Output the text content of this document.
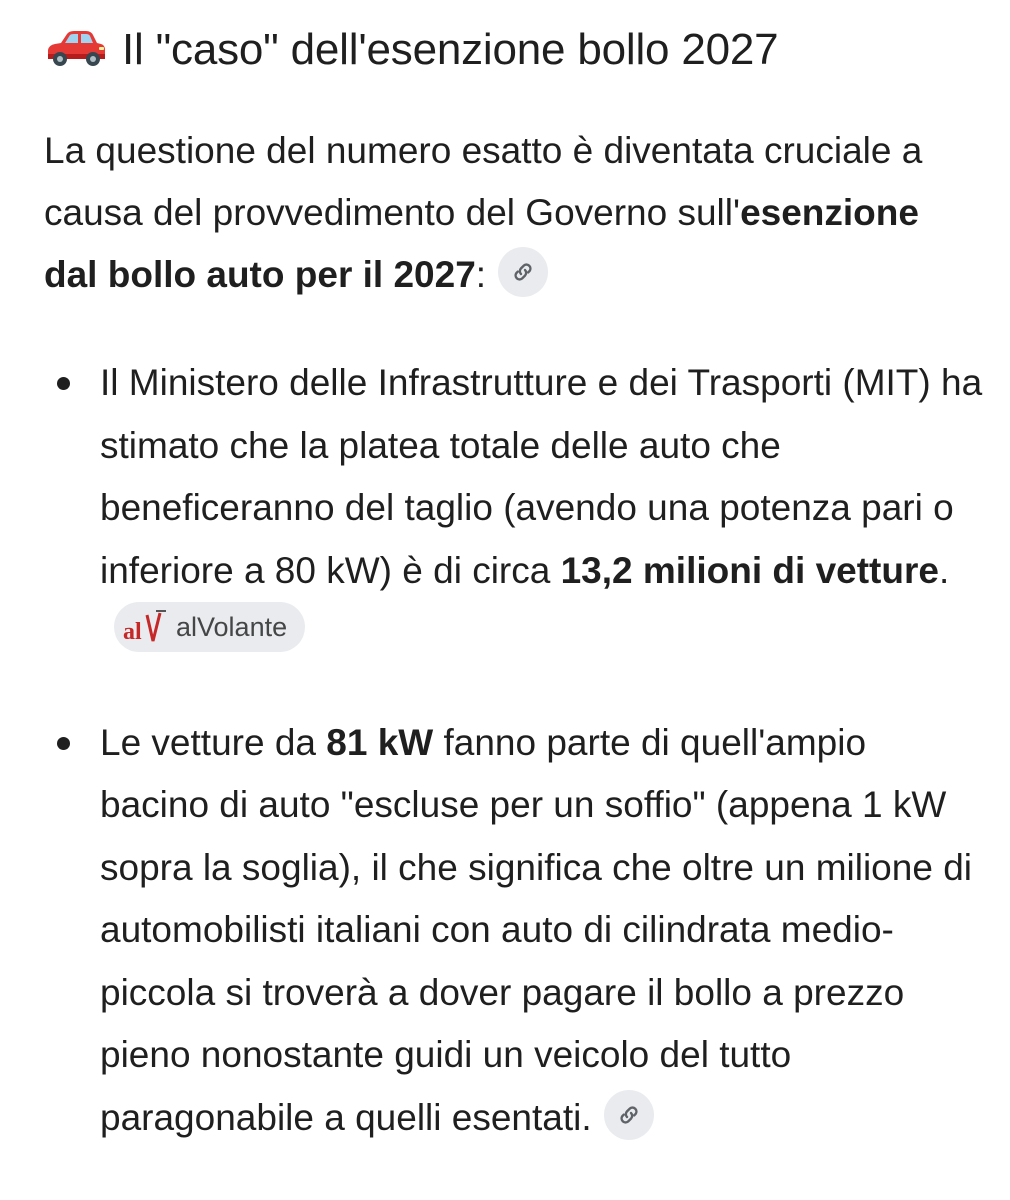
Il "caso" dell'esenzione bollo 2027

La questione del numero esatto è diventata cruciale a causa del provvedimento del Governo sull'esenzione dal bollo auto per il 2027:

Il Ministero delle Infrastrutture e dei Trasporti (MIT) ha stimato che la platea totale delle auto che beneficeranno del taglio (avendo una potenza pari o inferiore a 80 kW) è di circa 13,2 milioni di vetture.
al alVolante
Le vetture da 81 kW fanno parte di quell'ampio bacino di auto "escluse per un soffio" (appena 1 kW sopra la soglia), il che significa che oltre un milione di automobilisti italiani con auto di cilindrata medio-piccola si troverà a dover pagare il bollo a prezzo pieno nonostante guidi un veicolo del tutto paragonabile a quelli esentati.
